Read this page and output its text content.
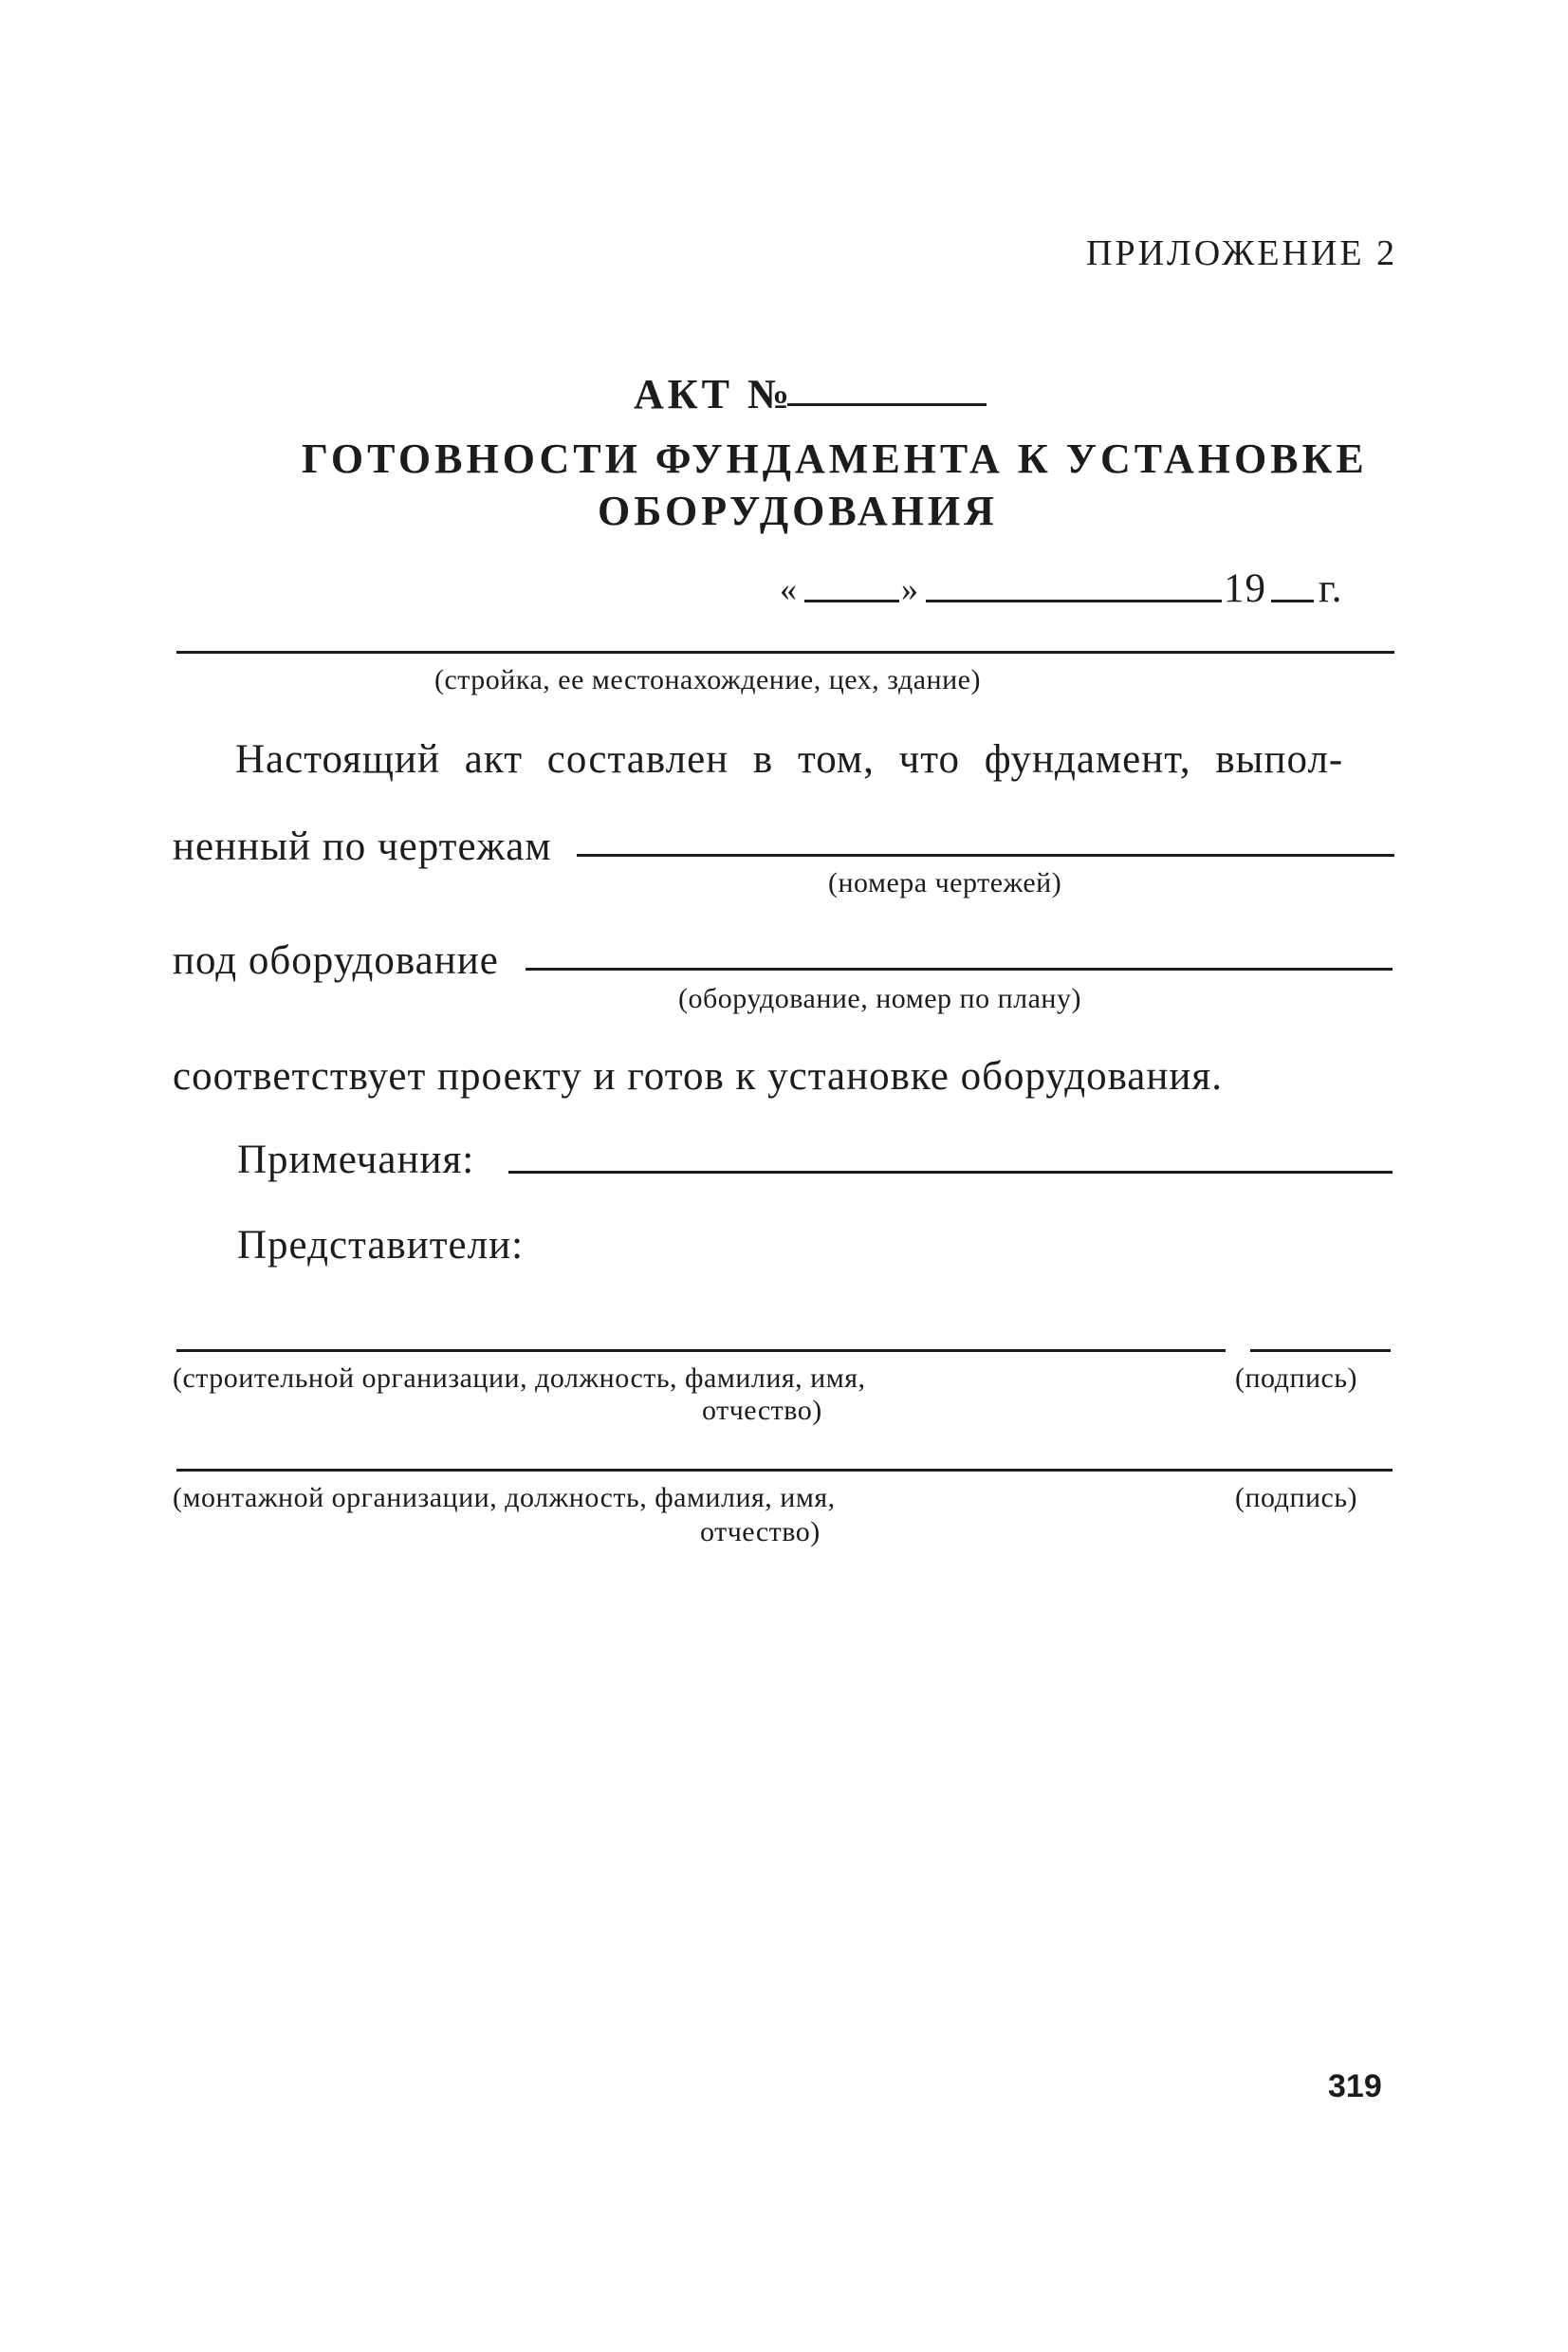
ПРИЛОЖЕНИЕ 2
АКТ №
ГОТОВНОСТИ ФУНДАМЕНТА К УСТАНОВКЕ
ОБОРУДОВАНИЯ
«	»	19 г.
(стройка, ее местонахождение, цех, здание)
Настоящий акт составлен в том, что фундамент, выпол-
ненный по чертежам
(номера чертежей)
под оборудование
(оборудование, номер по плану)
соответствует проекту и готов к установке оборудования.
Примечания:
Представители:
(строительной организации, должность, фамилия, имя,
отчество)
(подпись)
(монтажной организации, должность, фамилия, имя,
отчество)
(подпись)
319
